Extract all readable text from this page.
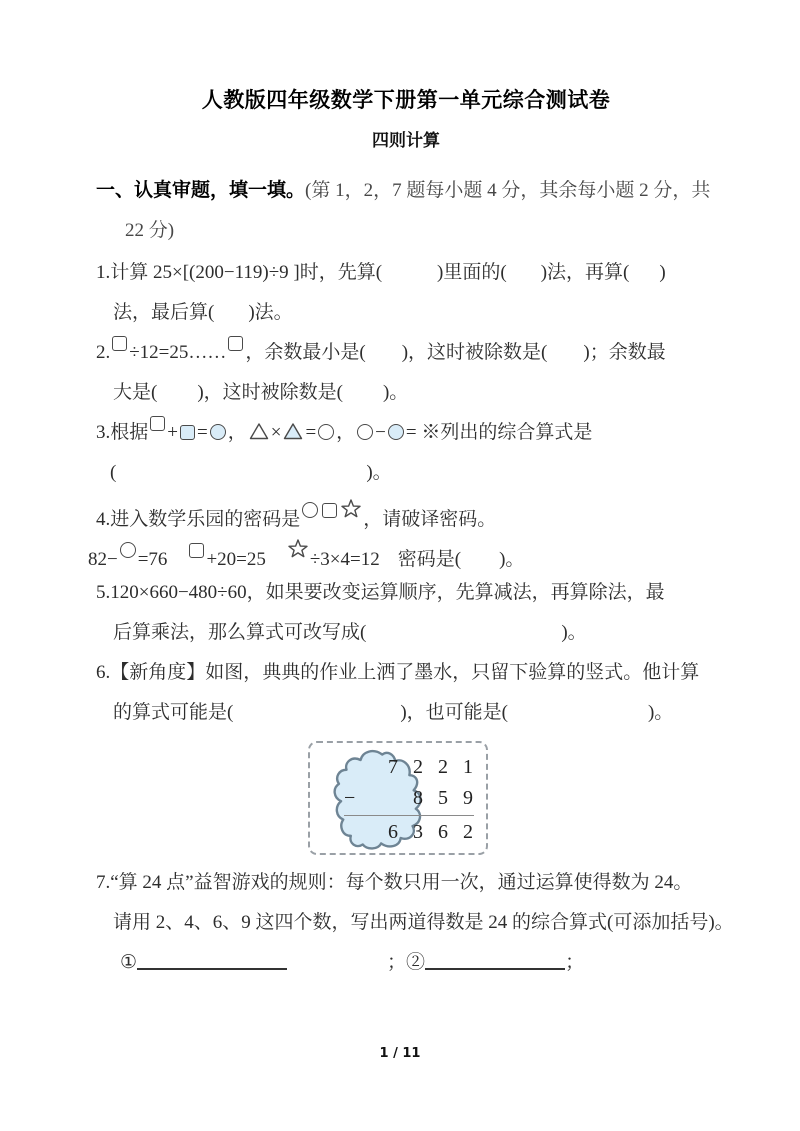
人教版四年级数学下册第一单元综合测试卷
四则计算
一、认真审题，填一填。(第 1，2，7 题每小题 4 分，其余每小题 2 分，共
22 分)
1.计算 25×[(200−119)÷9 ]时，先算(	)里面的( )法，再算( )
法，最后算( )法。
2. ÷12=25…… ，余数最小是( )，这时被除数是( )；余数最
大是( )，这时被除数是( )。
3.根据 + = ， × = ， − = ※列出的综合算式是
(	)。
4.进入数学乐园的密码是	，请破译密码。
82− =76 +20=25 ÷3×4=12 密码是( )。
5.120×660−480÷60，如果要改变运算顺序，先算减法，再算除法，最
后算乘法，那么算式可改写成(	)。
6.【新角度】如图，典典的作业上洒了墨水，只留下验算的竖式。他计算
的算式可能是(	)，也可能是(	)。
7 2 2 1
−	8 5 9
6 3 6 2
7.“算 24 点”益智游戏的规则：每个数只用一次，通过运算使得数为 24。
请用 2、4、6、9 这四个数，写出两道得数是 24 的综合算式(可添加括号)。
①	；②	；
1 / 11
